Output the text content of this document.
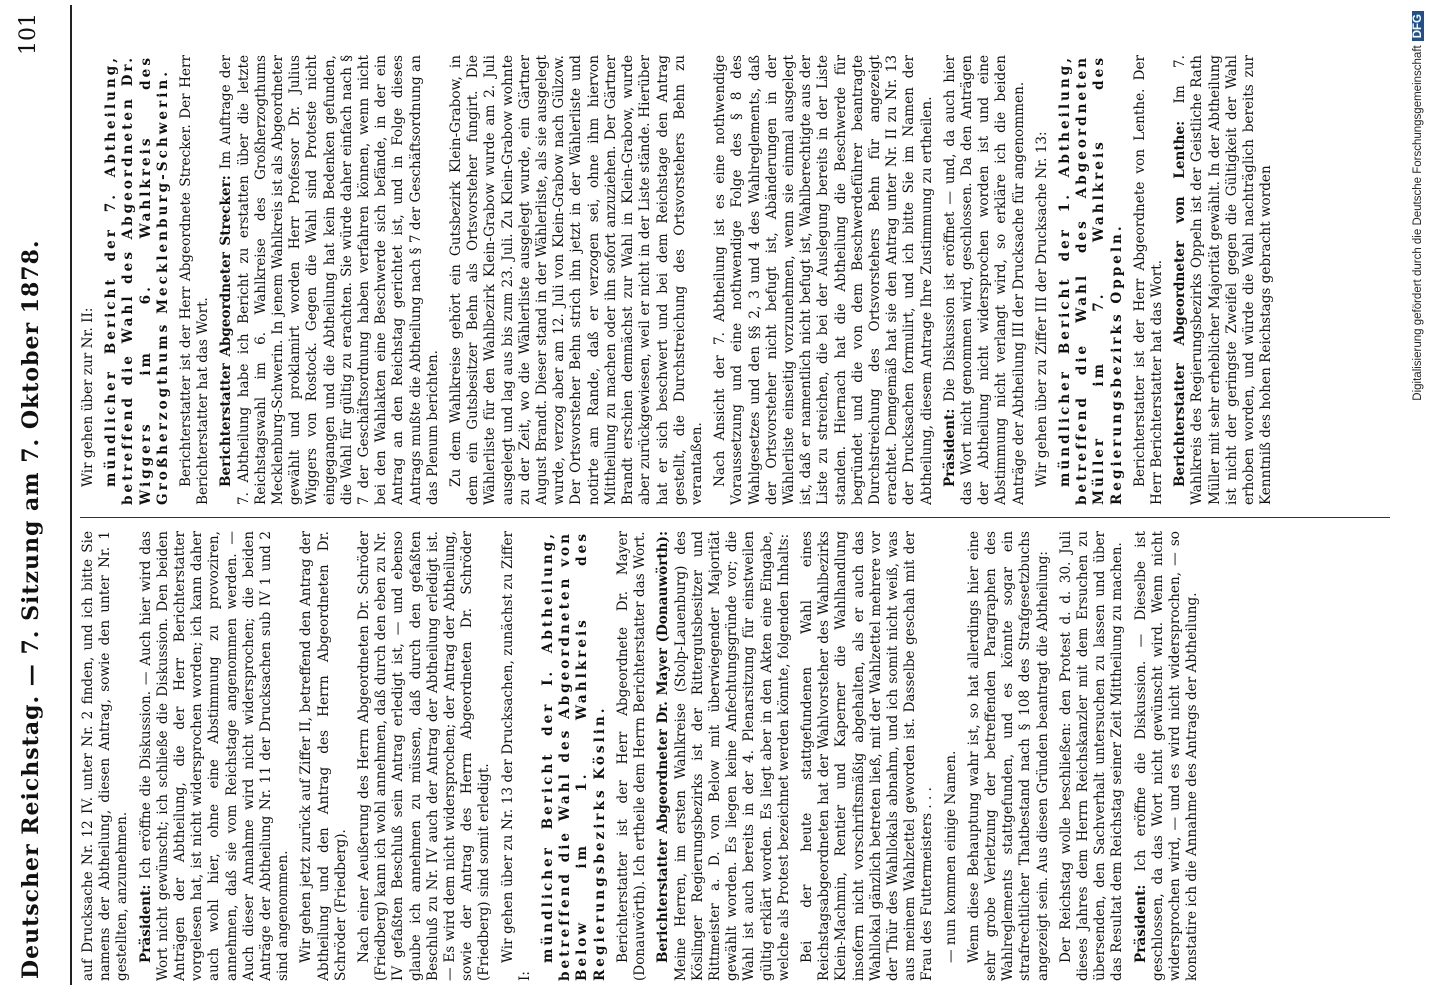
Deutscher Reichstag. — 7. Sitzung am 7. Oktober 1878.
101

auf Drucksache Nr. 12 IV. unter Nr. 2 finden, und ich bitte Sie namens der Abtheilung, diesen Antrag, sowie den unter Nr. 1 gestellten, anzunehmen. Präsident: Ich eröffne die Diskussion. — Auch hier wird das Wort nicht gewünscht; ich schließe die Diskussion. Den beiden Anträgen der Abtheilung, die der Herr Berichterstatter vorgelesen hat, ist nicht widersprochen worden; ich kann daher auch wohl hier, ohne eine Abstimmung zu provoziren, annehmen, daß sie vom Reichstage angenommen werden. — Auch dieser Annahme wird nicht widersprochen; die beiden Anträge der Abtheilung Nr. 11 der Drucksachen sub IV 1 und 2 sind angenommen. Wir gehen jetzt zurück auf Ziffer II, betreffend den Antrag der Abtheilung und den Antrag des Herrn Abgeordneten Dr. Schröder (Friedberg). Nach einer Aeußerung des Herrn Abgeordneten Dr. Schröder (Friedberg) kann ich wohl annehmen, daß durch den eben zu Nr. IV gefaßten Beschluß sein Antrag erledigt ist, — und ebenso glaube ich annehmen zu müssen, daß durch den gefaßten Beschluß zu Nr. IV auch der Antrag der Abtheilung erledigt ist. — Es wird dem nicht widersprochen; der Antrag der Abtheilung, sowie der Antrag des Herrn Abgeordneten Dr. Schröder (Friedberg) sind somit erledigt. Wir gehen über zu Nr. 13 der Drucksachen, zunächst zu Ziffer I:

mündlicher Bericht der I. Abtheilung, betreffend die Wahl des Abgeordneten von Below im 1. Wahlkreis des Regierungsbezirks Köslin. Berichterstatter ist der Herr Abgeordnete Dr. Mayer (Donauwörth). Ich ertheile dem Herrn Berichterstatter das Wort. Berichterstatter Abgeordneter Dr. Mayer (Donauwörth): Meine Herren, im ersten Wahlkreise (Stolp-Lauenburg) des Köslinger Regierungsbezirks ist der Rittergutsbesitzer und Rittmeister a. D. von Below mit überwiegender Majorität gewählt worden. Es liegen keine Anfechtungsgründe vor; die Wahl ist auch bereits in der 4. Plenarsitzung für einstweilen gültig erklärt worden. Es liegt aber in den Akten eine Eingabe, welche als Protest bezeichnet werden könnte, folgenden Inhalts: Bei der heute stattgefundenen Wahl eines Reichstagsabgeordneten hat der Wahlvorsteher des Wahlbezirks Klein-Machmin, Rentier und Kaperner die Wahlhandlung insofern nicht vorschriftsmäßig abgehalten, als er auch das Wahllokal gänzlich betreten ließ, mit der Wahlzettel mehrere vor der Thür des Wahllokals abnahm, und ich somit nicht weiß, was aus meinem Wahlzettel geworden ist. Dasselbe geschah mit der Frau des Futtermeisters . . . — nun kommen einige Namen. Wenn diese Behauptung wahr ist, so hat allerdings hier eine sehr grobe Verletzung der betreffenden Paragraphen des Wahlreglements stattgefunden, und es könnte sogar ein strafrechtlicher Thatbestand nach § 108 des Strafgesetzbuchs angezeigt sein. Aus diesen Gründen beantragt die Abtheilung: Der Reichstag wolle beschließen: den Protest d. d. 30. Juli dieses Jahres dem Herrn Reichskanzler mit dem Ersuchen zu übersenden, den Sachverhalt untersuchen zu lassen und über das Resultat dem Reichstag seiner Zeit Mittheilung zu machen. Präsident: Ich eröffne die Diskussion. — Dieselbe ist geschlossen, da das Wort nicht gewünscht wird. Wenn nicht widersprochen wird, — und es wird nicht widersprochen, — so konstatire ich die Annahme des Antrags der Abtheilung.

Wir gehen über zur Nr. II: mündlicher Bericht der 7. Abtheilung, betreffend die Wahl des Abgeordneten Dr. Wiggers im 6. Wahlkreis des Großherzogthums Mecklenburg-Schwerin. Berichterstatter ist der Herr Abgeordnete Strecker. Der Herr Berichterstatter hat das Wort. Berichterstatter Abgeordneter Strecker: Im Auftrage der 7. Abtheilung habe ich Bericht zu erstatten über die letzte Reichstagswahl im 6. Wahlkreise des Großherzogthums Mecklenburg-Schwerin. In jenem Wahlkreis ist als Abgeordneter gewählt und proklamirt worden Herr Professor Dr. Julius Wiggers von Rostock. Gegen die Wahl sind Proteste nicht eingegangen und die Abtheilung hat kein Bedenken gefunden, die Wahl für gültig zu erachten. Sie würde daher einfach nach § 7 der Geschäftsordnung haben verfahren können, wenn nicht bei den Wahlakten eine Beschwerde sich befände, in der ein Antrag an den Reichstag gerichtet ist, und in Folge dieses Antrags mußte die Abtheilung nach § 7 der Geschäftsordnung an das Plenum berichten. Zu dem Wahlkreise gehört ein Gutsbezirk Klein-Grabow, in dem ein Gutsbesitzer Behn als Ortsvorsteher fungirt. Die Wählerliste für den Wahlbezirk Klein-Grabow wurde am 2. Juli ausgelegt und lag aus bis zum 23. Juli. Zu Klein-Grabow wohnte zu der Zeit, wo die Wählerliste ausgelegt wurde, ein Gärtner August Brandt. Dieser stand in der Wählerliste, als sie ausgelegt wurde, verzog aber am 12. Juli von Klein-Grabow nach Gülzow. Der Ortsvorsteher Behn strich ihn jetzt in der Wählerliste und notirte am Rande, daß er verzogen sei, ohne ihm hiervon Mittheilung zu machen oder ihn sofort anzuziehen. Der Gärtner Brandt erschien demnächst zur Wahl in Klein-Grabow, wurde aber zurückgewiesen, weil er nicht in der Liste stände. Hierüber hat er sich beschwert und bei dem Reichstage den Antrag gestellt, die Durchstreichung des Ortsvorstehers Behn zu verantaßen. Nach Ansicht der 7. Abtheilung ist es eine nothwendige Voraussetzung und eine nothwendige Folge des § 8 des Wahlgesetzes und den §§ 2, 3 und 4 des Wahlreglements, daß der Ortsvorsteher nicht befugt ist, Abänderungen in der Wählerliste einseitig vorzunehmen, wenn sie einmal ausgelegt ist, daß er namentlich nicht befugt ist, Wahlberechtigte aus der Liste zu streichen, die bei der Auslegung bereits in der Liste standen. Hiernach hat die Abtheilung die Beschwerde für begründet und die von dem Beschwerdeführer beantragte Durchstreichung des Ortsvorstehers Behn für angezeigt erachtet. Demgemäß hat sie den Antrag unter Nr. II zu Nr. 13 der Drucksachen formulirt, und ich bitte Sie im Namen der Abtheilung, diesem Antrage Ihre Zustimmung zu ertheilen. Präsident: Die Diskussion ist eröffnet — und, da auch hier das Wort nicht genommen wird, geschlossen. Da den Anträgen der Abtheilung nicht widersprochen worden ist und eine Abstimmung nicht verlangt wird, so erkläre ich die beiden Anträge der Abtheilung III der Drucksache für angenommen. Wir gehen über zu Ziffer III der Drucksache Nr. 13: mündlicher Bericht der 1. Abtheilung, betreffend die Wahl des Abgeordneten Müller im 7. Wahlkreis des Regierungsbezirks Oppeln. Berichterstatter ist der Herr Abgeordnete von Lenthe. Der Herr Berichterstatter hat das Wort. Berichterstatter Abgeordneter von Lenthe: Im 7. Wahlkreis des Regierungsbezirks Oppeln ist der Geistliche Rath Müller mit sehr erheblicher Majorität gewählt. In der Abtheilung ist nicht der geringste Zweifel gegen die Gültigkeit der Wahl erhoben worden, und würde die Wahl nachträglich bereits zur Kenntniß des hohen Reichstags gebracht worden	Digitalisierung gefördert durch die Deutsche ForschungsgemeinschaftDFG
